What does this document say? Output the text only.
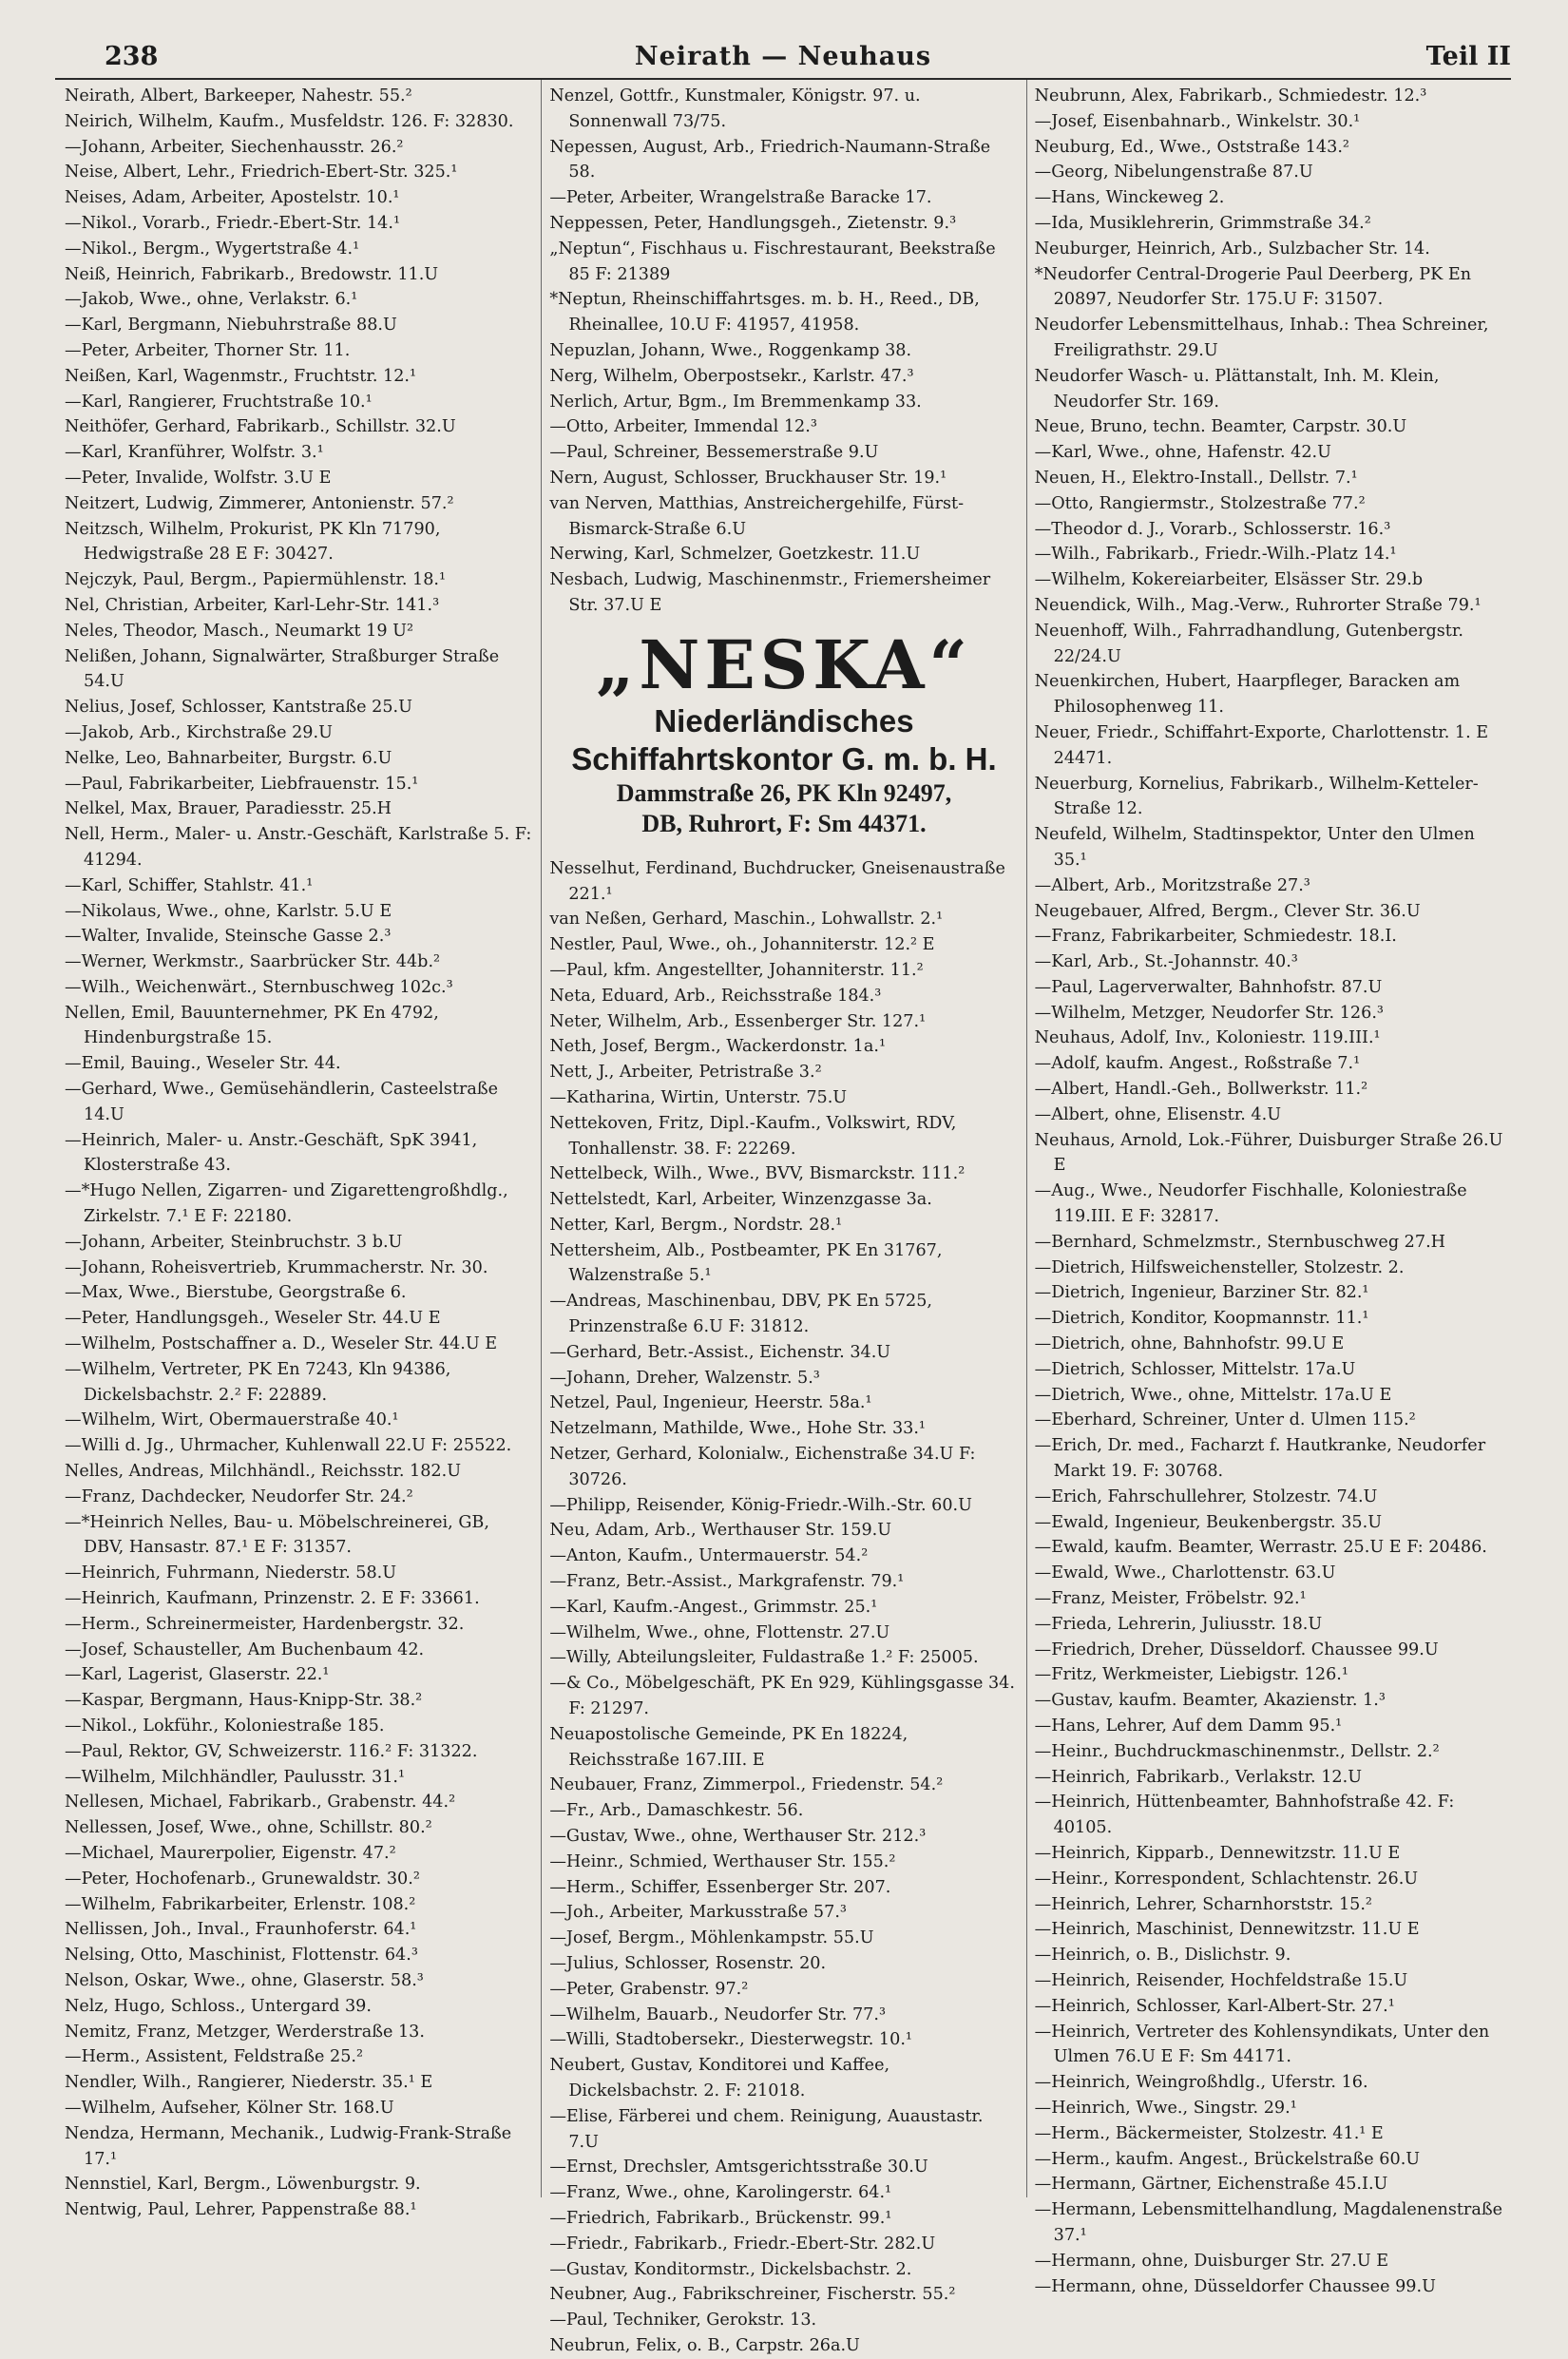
238	Neirath — Neuhaus	Teil II

Neirath, Albert, Barkeeper, Nahestr. 55.²

Neirich, Wilhelm, Kaufm., Musfeldstr. 126. F: 32830.

—Johann, Arbeiter, Siechenhausstr. 26.²

Neise, Albert, Lehr., Friedrich-Ebert-Str. 325.¹

Neises, Adam, Arbeiter, Apostelstr. 10.¹

—Nikol., Vorarb., Friedr.-Ebert-Str. 14.¹

—Nikol., Bergm., Wygertstraße 4.¹

Neiß, Heinrich, Fabrikarb., Bredowstr. 11.U

—Jakob, Wwe., ohne, Verlakstr. 6.¹

—Karl, Bergmann, Niebuhrstraße 88.U

—Peter, Arbeiter, Thorner Str. 11.

Neißen, Karl, Wagenmstr., Fruchtstr. 12.¹

—Karl, Rangierer, Fruchtstraße 10.¹

Neithöfer, Gerhard, Fabrikarb., Schillstr. 32.U

—Karl, Kranführer, Wolfstr. 3.¹

—Peter, Invalide, Wolfstr. 3.U E

Neitzert, Ludwig, Zimmerer, Antonienstr. 57.²

Neitzsch, Wilhelm, Prokurist, PK Kln 71790, Hedwigstraße 28 E F: 30427.

Nejczyk, Paul, Bergm., Papiermühlenstr. 18.¹

Nel, Christian, Arbeiter, Karl-Lehr-Str. 141.³

Neles, Theodor, Masch., Neumarkt 19 U²

Nelißen, Johann, Signalwärter, Straßburger Straße 54.U

Nelius, Josef, Schlosser, Kantstraße 25.U

—Jakob, Arb., Kirchstraße 29.U

Nelke, Leo, Bahnarbeiter, Burgstr. 6.U

—Paul, Fabrikarbeiter, Liebfrauenstr. 15.¹

Nelkel, Max, Brauer, Paradiesstr. 25.H

Nell, Herm., Maler- u. Anstr.-Geschäft, Karlstraße 5. F: 41294.

—Karl, Schiffer, Stahlstr. 41.¹

—Nikolaus, Wwe., ohne, Karlstr. 5.U E

—Walter, Invalide, Steinsche Gasse 2.³

—Werner, Werkmstr., Saarbrücker Str. 44b.²

—Wilh., Weichenwärt., Sternbuschweg 102c.³

Nellen, Emil, Bauunternehmer, PK En 4792, Hindenburgstraße 15.

—Emil, Bauing., Weseler Str. 44.

—Gerhard, Wwe., Gemüsehändlerin, Casteelstraße 14.U

—Heinrich, Maler- u. Anstr.-Geschäft, SpK 3941, Klosterstraße 43.

—*Hugo Nellen, Zigarren- und Zigarettengroßhdlg., Zirkelstr. 7.¹ E F: 22180.

—Johann, Arbeiter, Steinbruchstr. 3 b.U

—Johann, Roheisvertrieb, Krummacherstr. Nr. 30.

—Max, Wwe., Bierstube, Georgstraße 6.

—Peter, Handlungsgeh., Weseler Str. 44.U E

—Wilhelm, Postschaffner a. D., Weseler Str. 44.U E

—Wilhelm, Vertreter, PK En 7243, Kln 94386, Dickelsbachstr. 2.² F: 22889.

—Wilhelm, Wirt, Obermauerstraße 40.¹

—Willi d. Jg., Uhrmacher, Kuhlenwall 22.U F: 25522.

Nelles, Andreas, Milchhändl., Reichsstr. 182.U

—Franz, Dachdecker, Neudorfer Str. 24.²

—*Heinrich Nelles, Bau- u. Möbelschreinerei, GB, DBV, Hansastr. 87.¹ E F: 31357.

—Heinrich, Fuhrmann, Niederstr. 58.U

—Heinrich, Kaufmann, Prinzenstr. 2. E F: 33661.

—Herm., Schreinermeister, Hardenbergstr. 32.

—Josef, Schausteller, Am Buchenbaum 42.

—Karl, Lagerist, Glaserstr. 22.¹

—Kaspar, Bergmann, Haus-Knipp-Str. 38.²

—Nikol., Lokführ., Koloniestraße 185.

—Paul, Rektor, GV, Schweizerstr. 116.² F: 31322.

—Wilhelm, Milchhändler, Paulusstr. 31.¹

Nellesen, Michael, Fabrikarb., Grabenstr. 44.²

Nellessen, Josef, Wwe., ohne, Schillstr. 80.²

—Michael, Maurerpolier, Eigenstr. 47.²

—Peter, Hochofenarb., Grunewaldstr. 30.²

—Wilhelm, Fabrikarbeiter, Erlenstr. 108.²

Nellissen, Joh., Inval., Fraunhoferstr. 64.¹

Nelsing, Otto, Maschinist, Flottenstr. 64.³

Nelson, Oskar, Wwe., ohne, Glaserstr. 58.³

Nelz, Hugo, Schloss., Untergard 39.

Nemitz, Franz, Metzger, Werderstraße 13.

—Herm., Assistent, Feldstraße 25.²

Nendler, Wilh., Rangierer, Niederstr. 35.¹ E

—Wilhelm, Aufseher, Kölner Str. 168.U

Nendza, Hermann, Mechanik., Ludwig-Frank-Straße 17.¹

Nennstiel, Karl, Bergm., Löwenburgstr. 9.

Nentwig, Paul, Lehrer, Pappenstraße 88.¹

Nenzel, Gottfr., Kunstmaler, Königstr. 97. u. Sonnenwall 73/75.

Nepessen, August, Arb., Friedrich-Naumann-Straße 58.

—Peter, Arbeiter, Wrangelstraße Baracke 17.

Neppessen, Peter, Handlungsgeh., Zietenstr. 9.³

„Neptun“, Fischhaus u. Fischrestaurant, Beekstraße 85 F: 21389

*Neptun, Rheinschiffahrtsges. m. b. H., Reed., DB, Rheinallee, 10.U F: 41957, 41958.

Nepuzlan, Johann, Wwe., Roggenkamp 38.

Nerg, Wilhelm, Oberpostsekr., Karlstr. 47.³

Nerlich, Artur, Bgm., Im Bremmenkamp 33.

—Otto, Arbeiter, Immendal 12.³

—Paul, Schreiner, Bessemerstraße 9.U

Nern, August, Schlosser, Bruckhauser Str. 19.¹

van Nerven, Matthias, Anstreichergehilfe, Fürst-Bismarck-Straße 6.U

Nerwing, Karl, Schmelzer, Goetzkestr. 11.U

Nesbach, Ludwig, Maschinenmstr., Friemersheimer Str. 37.U E

„NESKA“
Niederländisches
Schiffahrtskontor G. m. b. H.
Dammstraße 26, PK Kln 92497,
DB, Ruhrort, F: Sm 44371.

Nesselhut, Ferdinand, Buchdrucker, Gneisenaustraße 221.¹

van Neßen, Gerhard, Maschin., Lohwallstr. 2.¹

Nestler, Paul, Wwe., oh., Johanniterstr. 12.² E

—Paul, kfm. Angestellter, Johanniterstr. 11.²

Neta, Eduard, Arb., Reichsstraße 184.³

Neter, Wilhelm, Arb., Essenberger Str. 127.¹

Neth, Josef, Bergm., Wackerdonstr. 1a.¹

Nett, J., Arbeiter, Petristraße 3.²

—Katharina, Wirtin, Unterstr. 75.U

Nettekoven, Fritz, Dipl.-Kaufm., Volkswirt, RDV, Tonhallenstr. 38. F: 22269.

Nettelbeck, Wilh., Wwe., BVV, Bismarckstr. 111.²

Nettelstedt, Karl, Arbeiter, Winzenzgasse 3a.

Netter, Karl, Bergm., Nordstr. 28.¹

Nettersheim, Alb., Postbeamter, PK En 31767, Walzenstraße 5.¹

—Andreas, Maschinenbau, DBV, PK En 5725, Prinzenstraße 6.U F: 31812.

—Gerhard, Betr.-Assist., Eichenstr. 34.U

—Johann, Dreher, Walzenstr. 5.³

Netzel, Paul, Ingenieur, Heerstr. 58a.¹

Netzelmann, Mathilde, Wwe., Hohe Str. 33.¹

Netzer, Gerhard, Kolonialw., Eichenstraße 34.U F: 30726.

—Philipp, Reisender, König-Friedr.-Wilh.-Str. 60.U

Neu, Adam, Arb., Werthauser Str. 159.U

—Anton, Kaufm., Untermauerstr. 54.²

—Franz, Betr.-Assist., Markgrafenstr. 79.¹

—Karl, Kaufm.-Angest., Grimmstr. 25.¹

—Wilhelm, Wwe., ohne, Flottenstr. 27.U

—Willy, Abteilungsleiter, Fuldastraße 1.² F: 25005.

—& Co., Möbelgeschäft, PK En 929, Kühlingsgasse 34. F: 21297.

Neuapostolische Gemeinde, PK En 18224, Reichsstraße 167.III. E

Neubauer, Franz, Zimmerpol., Friedenstr. 54.²

—Fr., Arb., Damaschkestr. 56.

—Gustav, Wwe., ohne, Werthauser Str. 212.³

—Heinr., Schmied, Werthauser Str. 155.²

—Herm., Schiffer, Essenberger Str. 207.

—Joh., Arbeiter, Markusstraße 57.³

—Josef, Bergm., Möhlenkampstr. 55.U

—Julius, Schlosser, Rosenstr. 20.

—Peter, Grabenstr. 97.²

—Wilhelm, Bauarb., Neudorfer Str. 77.³

—Willi, Stadtobersekr., Diesterwegstr. 10.¹

Neubert, Gustav, Konditorei und Kaffee, Dickelsbachstr. 2. F: 21018.

—Elise, Färberei und chem. Reinigung, Auaustastr. 7.U

—Ernst, Drechsler, Amtsgerichtsstraße 30.U

—Franz, Wwe., ohne, Karolingerstr. 64.¹

—Friedrich, Fabrikarb., Brückenstr. 99.¹

—Friedr., Fabrikarb., Friedr.-Ebert-Str. 282.U

—Gustav, Konditormstr., Dickelsbachstr. 2.

Neubner, Aug., Fabrikschreiner, Fischerstr. 55.²

—Paul, Techniker, Gerokstr. 13.

Neubrun, Felix, o. B., Carpstr. 26a.U

Neubrunn, Alex, Fabrikarb., Schmiedestr. 12.³

—Josef, Eisenbahnarb., Winkelstr. 30.¹

Neuburg, Ed., Wwe., Oststraße 143.²

—Georg, Nibelungenstraße 87.U

—Hans, Winckeweg 2.

—Ida, Musiklehrerin, Grimmstraße 34.²

Neuburger, Heinrich, Arb., Sulzbacher Str. 14.

*Neudorfer Central-Drogerie Paul Deerberg, PK En 20897, Neudorfer Str. 175.U F: 31507.

Neudorfer Lebensmittelhaus, Inhab.: Thea Schreiner, Freiligrathstr. 29.U

Neudorfer Wasch- u. Plättanstalt, Inh. M. Klein, Neudorfer Str. 169.

Neue, Bruno, techn. Beamter, Carpstr. 30.U

—Karl, Wwe., ohne, Hafenstr. 42.U

Neuen, H., Elektro-Install., Dellstr. 7.¹

—Otto, Rangiermstr., Stolzestraße 77.²

—Theodor d. J., Vorarb., Schlosserstr. 16.³

—Wilh., Fabrikarb., Friedr.-Wilh.-Platz 14.¹

—Wilhelm, Kokereiarbeiter, Elsässer Str. 29.b

Neuendick, Wilh., Mag.-Verw., Ruhrorter Straße 79.¹

Neuenhoff, Wilh., Fahrradhandlung, Gutenbergstr. 22/24.U

Neuenkirchen, Hubert, Haarpfleger, Baracken am Philosophenweg 11.

Neuer, Friedr., Schiffahrt-Exporte, Charlottenstr. 1. E 24471.

Neuerburg, Kornelius, Fabrikarb., Wilhelm-Ketteler-Straße 12.

Neufeld, Wilhelm, Stadtinspektor, Unter den Ulmen 35.¹

—Albert, Arb., Moritzstraße 27.³

Neugebauer, Alfred, Bergm., Clever Str. 36.U

—Franz, Fabrikarbeiter, Schmiedestr. 18.I.

—Karl, Arb., St.-Johannstr. 40.³

—Paul, Lagerverwalter, Bahnhofstr. 87.U

—Wilhelm, Metzger, Neudorfer Str. 126.³

Neuhaus, Adolf, Inv., Koloniestr. 119.III.¹

—Adolf, kaufm. Angest., Roßstraße 7.¹

—Albert, Handl.-Geh., Bollwerkstr. 11.²

—Albert, ohne, Elisenstr. 4.U

Neuhaus, Arnold, Lok.-Führer, Duisburger Straße 26.U E

—Aug., Wwe., Neudorfer Fischhalle, Koloniestraße 119.III. E F: 32817.

—Bernhard, Schmelzmstr., Sternbuschweg 27.H

—Dietrich, Hilfsweichensteller, Stolzestr. 2.

—Dietrich, Ingenieur, Barziner Str. 82.¹

—Dietrich, Konditor, Koopmannstr. 11.¹

—Dietrich, ohne, Bahnhofstr. 99.U E

—Dietrich, Schlosser, Mittelstr. 17a.U

—Dietrich, Wwe., ohne, Mittelstr. 17a.U E

—Eberhard, Schreiner, Unter d. Ulmen 115.²

—Erich, Dr. med., Facharzt f. Hautkranke, Neudorfer Markt 19. F: 30768.

—Erich, Fahrschullehrer, Stolzestr. 74.U

—Ewald, Ingenieur, Beukenbergstr. 35.U

—Ewald, kaufm. Beamter, Werrastr. 25.U E F: 20486.

—Ewald, Wwe., Charlottenstr. 63.U

—Franz, Meister, Fröbelstr. 92.¹

—Frieda, Lehrerin, Juliusstr. 18.U

—Friedrich, Dreher, Düsseldorf. Chaussee 99.U

—Fritz, Werkmeister, Liebigstr. 126.¹

—Gustav, kaufm. Beamter, Akazienstr. 1.³

—Hans, Lehrer, Auf dem Damm 95.¹

—Heinr., Buchdruckmaschinenmstr., Dellstr. 2.²

—Heinrich, Fabrikarb., Verlakstr. 12.U

—Heinrich, Hüttenbeamter, Bahnhofstraße 42. F: 40105.

—Heinrich, Kipparb., Dennewitzstr. 11.U E

—Heinr., Korrespondent, Schlachtenstr. 26.U

—Heinrich, Lehrer, Scharnhorststr. 15.²

—Heinrich, Maschinist, Dennewitzstr. 11.U E

—Heinrich, o. B., Dislichstr. 9.

—Heinrich, Reisender, Hochfeldstraße 15.U

—Heinrich, Schlosser, Karl-Albert-Str. 27.¹

—Heinrich, Vertreter des Kohlensyndikats, Unter den Ulmen 76.U E F: Sm 44171.

—Heinrich, Weingroßhdlg., Uferstr. 16.

—Heinrich, Wwe., Singstr. 29.¹

—Herm., Bäckermeister, Stolzestr. 41.¹ E

—Herm., kaufm. Angest., Brückelstraße 60.U

—Hermann, Gärtner, Eichenstraße 45.I.U

—Hermann, Lebensmittelhandlung, Magdalenenstraße 37.¹

—Hermann, ohne, Duisburger Str. 27.U E

—Hermann, ohne, Düsseldorfer Chaussee 99.U
